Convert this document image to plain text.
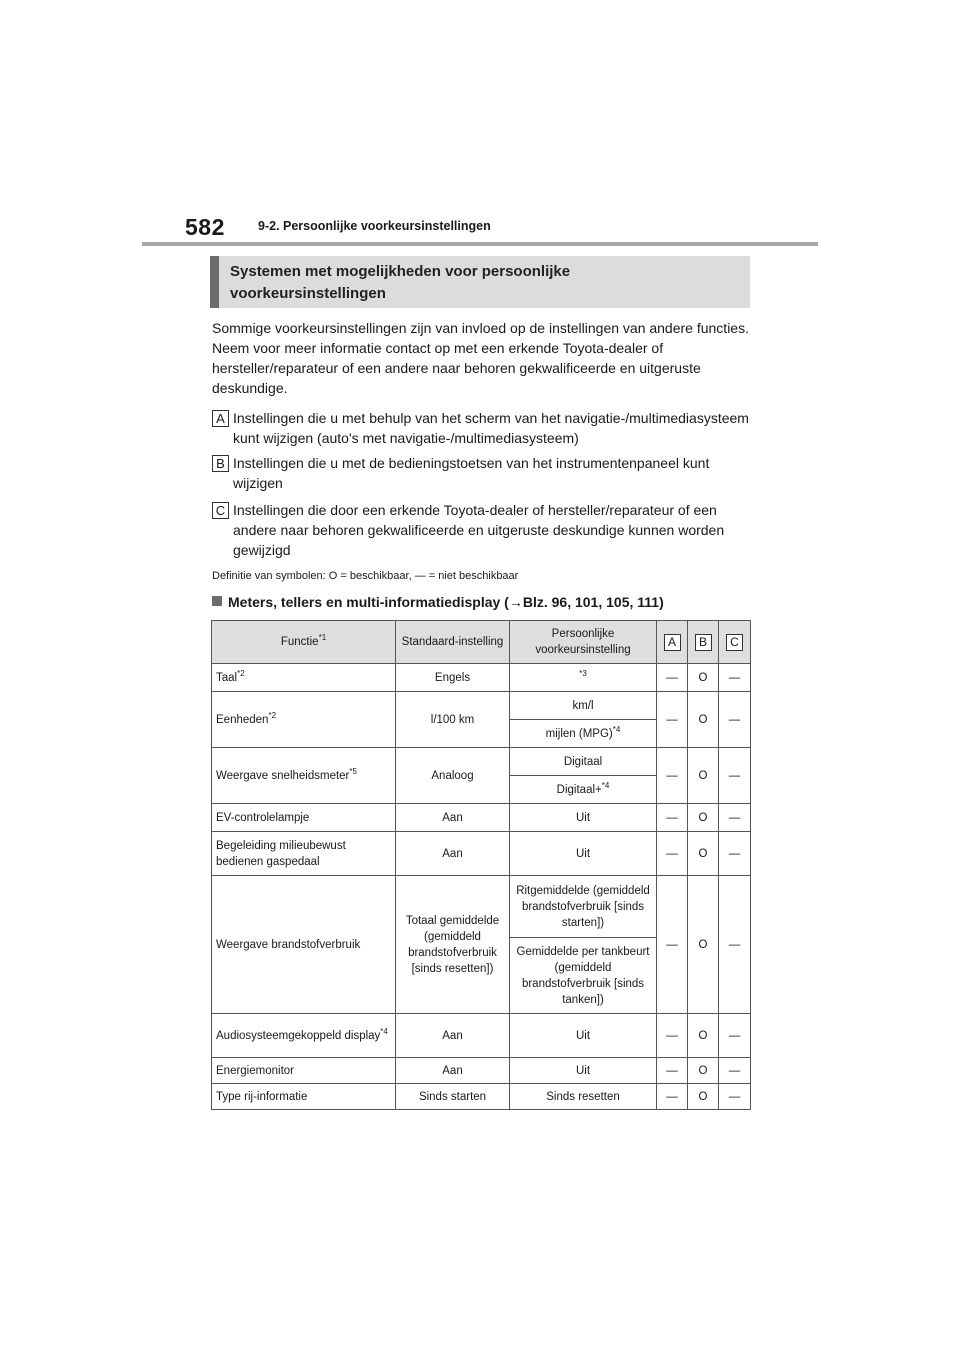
582	9-2. Persoonlijke voorkeursinstellingen
Systemen met mogelijkheden voor persoonlijke voorkeursinstellingen

Sommige voorkeursinstellingen zijn van invloed op de instellingen van andere functies. Neem voor meer informatie contact op met een erkende Toyota-dealer of hersteller/reparateur of een andere naar behoren gekwalificeerde en uitgeruste deskundige.

A Instellingen die u met behulp van het scherm van het navigatie-/multimediasysteem kunt wijzigen (auto's met navigatie-/multimediasysteem)
B Instellingen die u met de bedieningstoetsen van het instrumentenpaneel kunt wijzigen
C Instellingen die door een erkende Toyota-dealer of hersteller/reparateur of een andere naar behoren gekwalificeerde en uitgeruste deskundige kunnen worden gewijzigd
Definitie van symbolen: O = beschikbaar, — = niet beschikbaar
Meters, tellers en multi-informatiedisplay (→Blz. 96, 101, 105, 111)
Functie$^{*1}$	Standaard-instelling	Persoonlijke voorkeursinstelling	A	B	C
Taal$^{*2}$	Engels	$^{*3}$	—	O	—
Eenheden$^{*2}$	l/100 km	km/l	—	O	—
		mijlen (MPG)$^{*4}$
Weergave snelheidsmeter$^{*5}$	Analoog	Digitaal	—	O	—
		Digitaal+$^{*4}$
EV-controlelampje	Aan	Uit	—	O	—
Begeleiding milieubewust bedienen gaspedaal	Aan	Uit	—	O	—
Weergave brandstofverbruik	Totaal gemiddelde (gemiddeld brandstofverbruik [sinds resetten])	Ritgemiddelde (gemiddeld brandstofverbruik [sinds starten])	—	O	—
		Gemiddelde per tankbeurt (gemiddeld brandstofverbruik [sinds tanken])			
Audiosysteemgekoppeld display$^{*4}$	Aan	Uit	—	O	—
Energiemonitor	Aan	Uit	—	O	—
Type rij-informatie	Sinds starten	Sinds resetten	—	O	—
